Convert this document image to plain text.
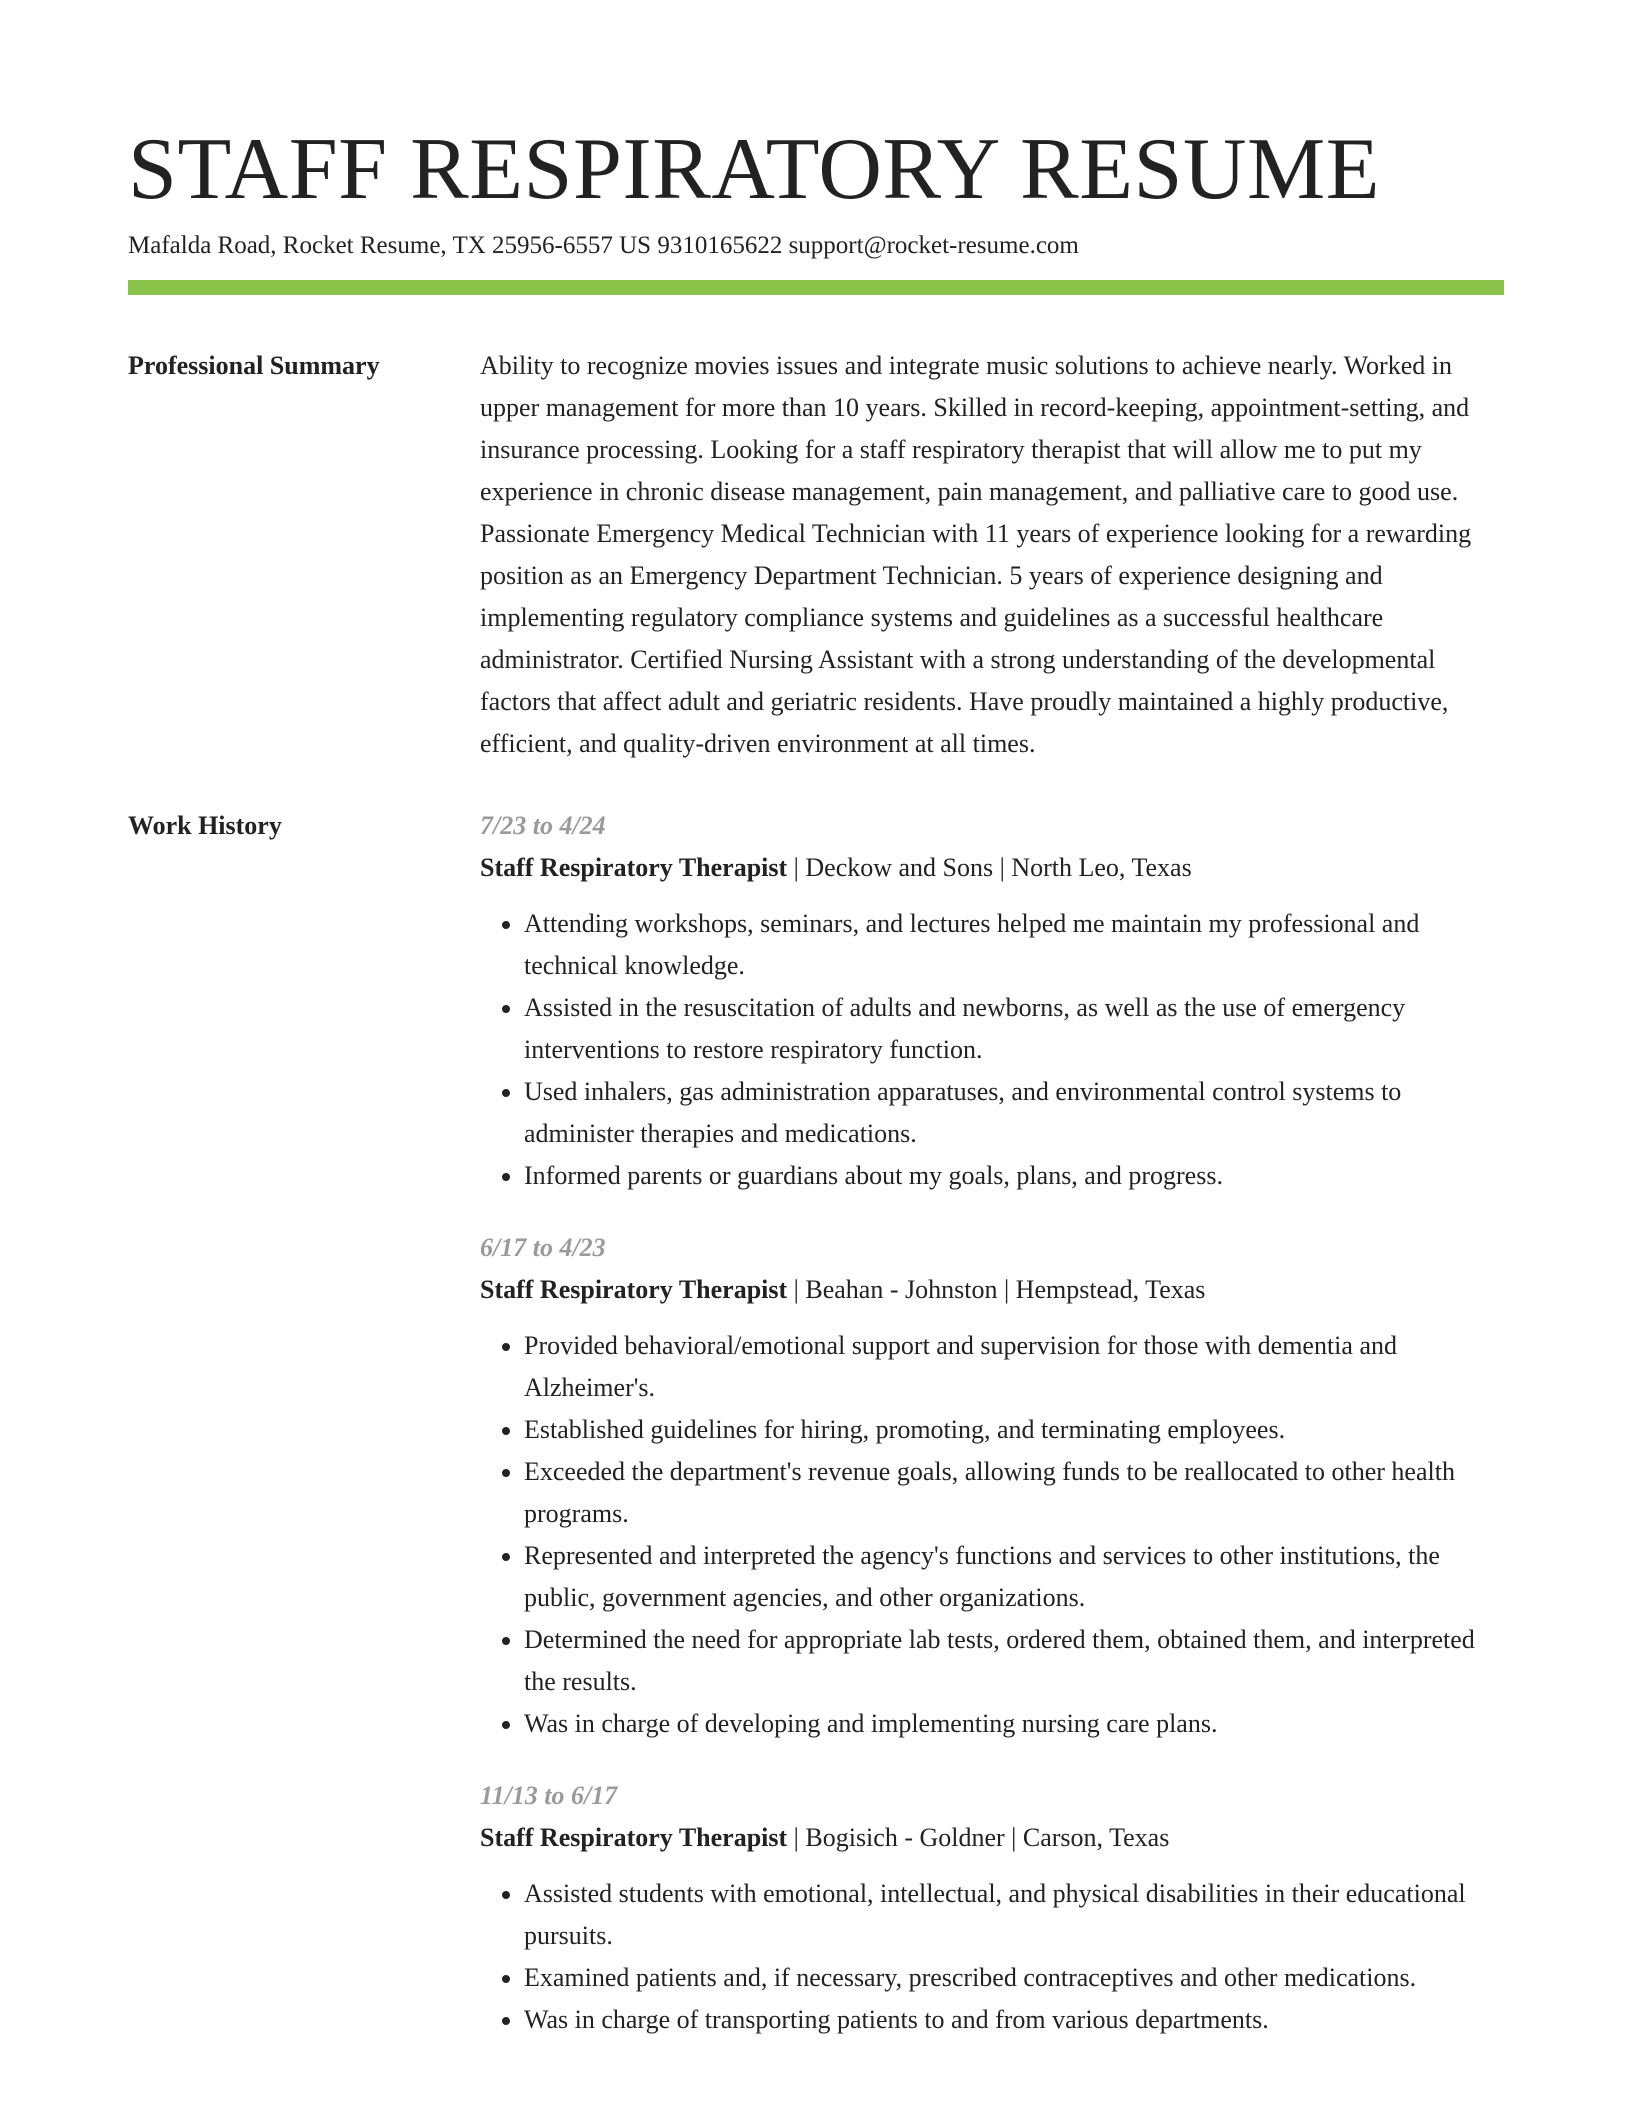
STAFF RESPIRATORY RESUME
Mafalda Road, Rocket Resume, TX 25956-6557 US 9310165622 support@rocket-resume.com
Professional Summary	Ability to recognize movies issues and integrate music solutions to achieve nearly. Worked in upper management for more than 10 years. Skilled in record-keeping, appointment-setting, and insurance processing. Looking for a staff respiratory therapist that will allow me to put my experience in chronic disease management, pain management, and palliative care to good use. Passionate Emergency Medical Technician with 11 years of experience looking for a rewarding position as an Emergency Department Technician. 5 years of experience designing and implementing regulatory compliance systems and guidelines as a successful healthcare administrator. Certified Nursing Assistant with a strong understanding of the developmental factors that affect adult and geriatric residents. Have proudly maintained a highly productive, efficient, and quality-driven environment at all times.

Work History	7/23 to 4/24
Staff Respiratory Therapist | Deckow and Sons | North Leo, Texas
• Attending workshops, seminars, and lectures helped me maintain my professional and technical knowledge.
• Assisted in the resuscitation of adults and newborns, as well as the use of emergency interventions to restore respiratory function.
• Used inhalers, gas administration apparatuses, and environmental control systems to administer therapies and medications.
• Informed parents or guardians about my goals, plans, and progress.
6/17 to 4/23
Staff Respiratory Therapist | Beahan - Johnston | Hempstead, Texas
• Provided behavioral/emotional support and supervision for those with dementia and Alzheimer's.
• Established guidelines for hiring, promoting, and terminating employees.
• Exceeded the department's revenue goals, allowing funds to be reallocated to other health programs.
• Represented and interpreted the agency's functions and services to other institutions, the public, government agencies, and other organizations.
• Determined the need for appropriate lab tests, ordered them, obtained them, and interpreted the results.
• Was in charge of developing and implementing nursing care plans.
11/13 to 6/17
Staff Respiratory Therapist | Bogisich - Goldner | Carson, Texas
• Assisted students with emotional, intellectual, and physical disabilities in their educational pursuits.
• Examined patients and, if necessary, prescribed contraceptives and other medications.
• Was in charge of transporting patients to and from various departments.
